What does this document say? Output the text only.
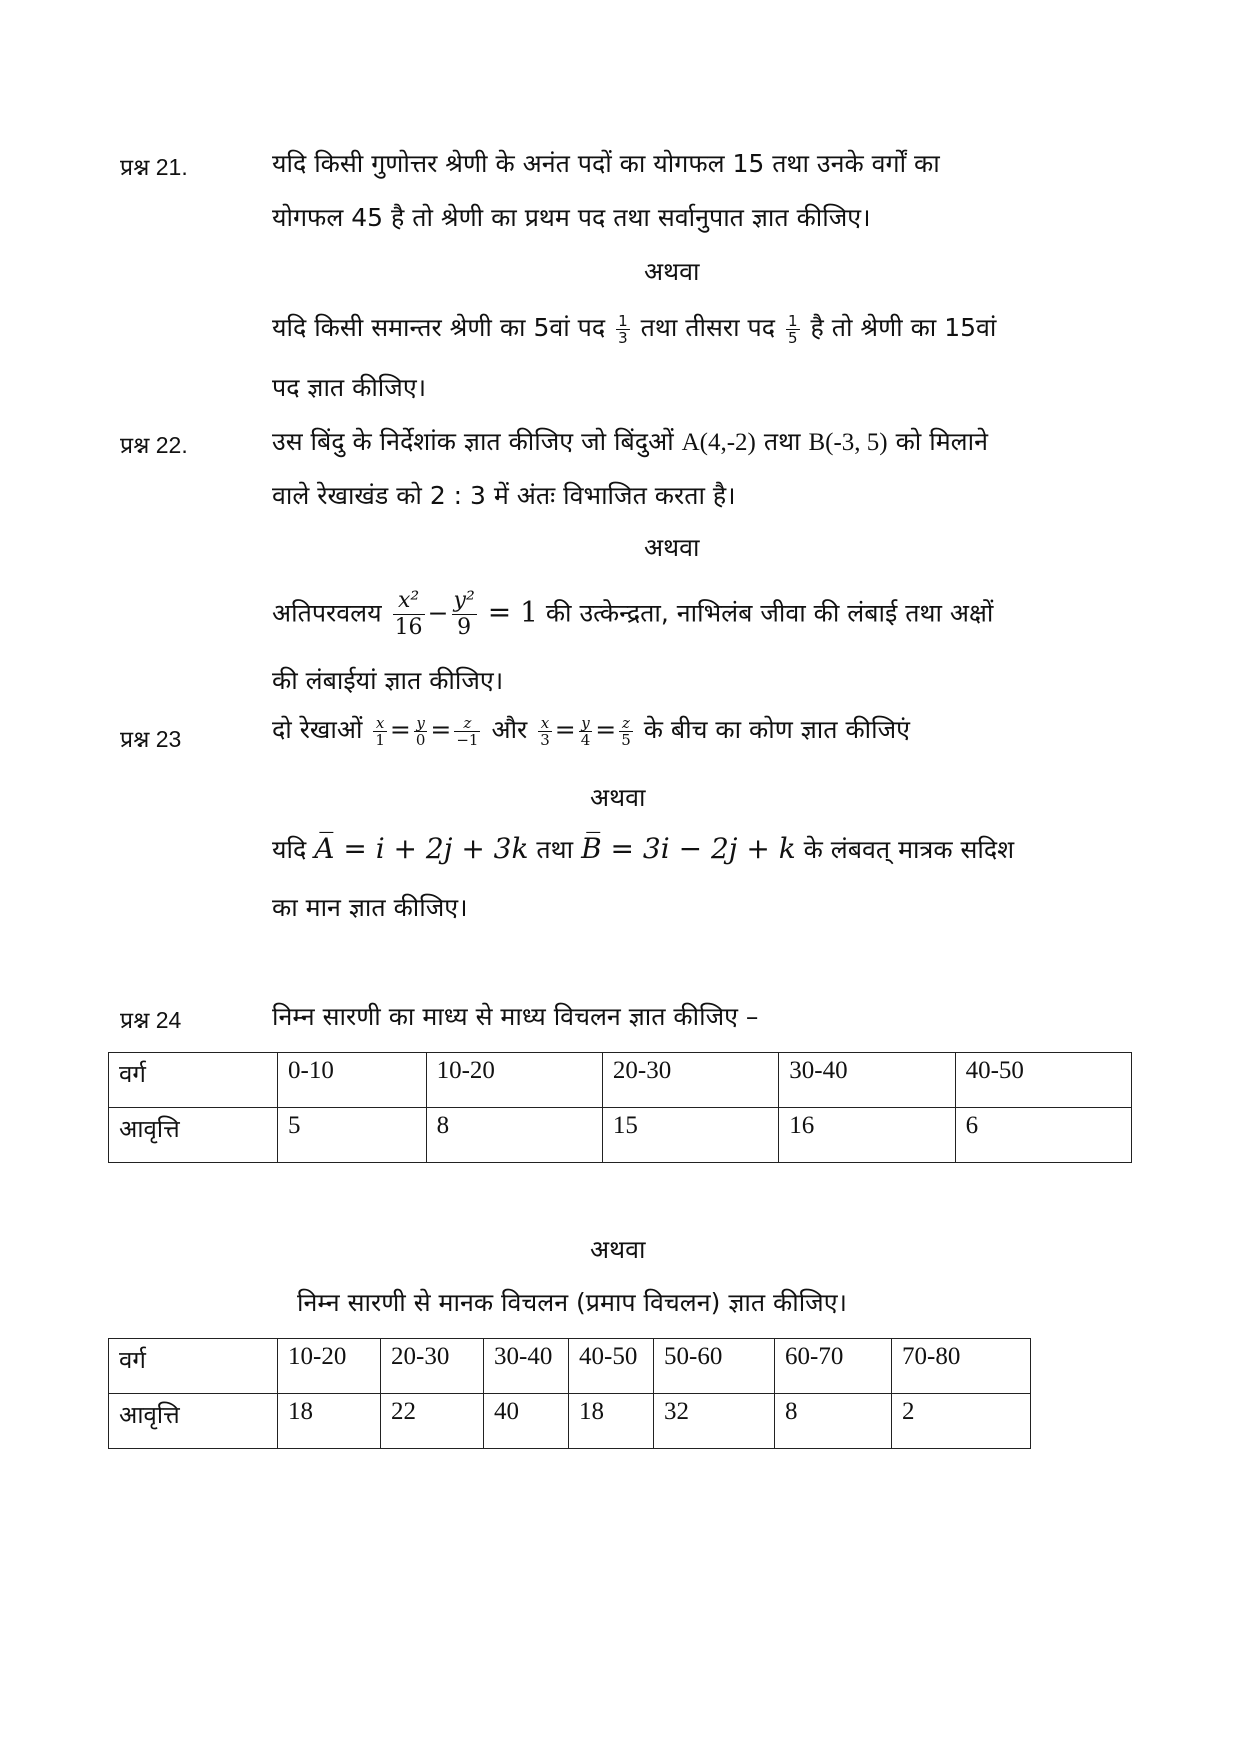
प्रश्न 21.	यदि किसी गुणोत्तर श्रेणी के अनंत पदों का योगफल 15 तथा उनके वर्गों का
योगफल 45 है तो श्रेणी का प्रथम पद तथा सर्वानुपात ज्ञात कीजिए।
अथवा
यदि किसी समान्तर श्रेणी का 5वां पद $\frac{1}{3}$ तथा तीसरा पद $\frac{1}{5}$ है तो श्रेणी का 15वां
पद ज्ञात कीजिए।
प्रश्न 22.	उस बिंदु के निर्देशांक ज्ञात कीजिए जो बिंदुओं A(4,-2) तथा B(-3, 5) को मिलाने
वाले रेखाखंड को 2 : 3 में अंतः विभाजित करता है।
अथवा
अतिपरवलय $\frac{\text{x²}}{16} - \frac{\text{y²}}{9} = 1$ की उत्केन्द्रता, नाभिलंब जीवा की लंबाई तथा अक्षों
की लंबाईयां ज्ञात कीजिए।
प्रश्न 23	दो रेखाओं $\frac{x}{1} = \frac{y}{0} = \frac{z}{-1}$ और $\frac{x}{3} = \frac{y}{4} = \frac{z}{5}$ के बीच का कोण ज्ञात कीजिएं
अथवा
यदि A̅ = i + 2j + 3k तथा B̅ = 3i − 2j + k के लंबवत् मात्रक सदिश
का मान ज्ञात कीजिए।
प्रश्न 24	निम्न सारणी का माध्य से माध्य विचलन ज्ञात कीजिए –
वर्ग	0-10	10-20	20-30	30-40	40-50
आवृत्ति	5	8	15	16	6
अथवा
निम्न सारणी से मानक विचलन (प्रमाप विचलन) ज्ञात कीजिए।
वर्ग	10-20	20-30	30-40	40-50	50-60	60-70	70-80
आवृत्ति	18	22	40	18	32	8	2
